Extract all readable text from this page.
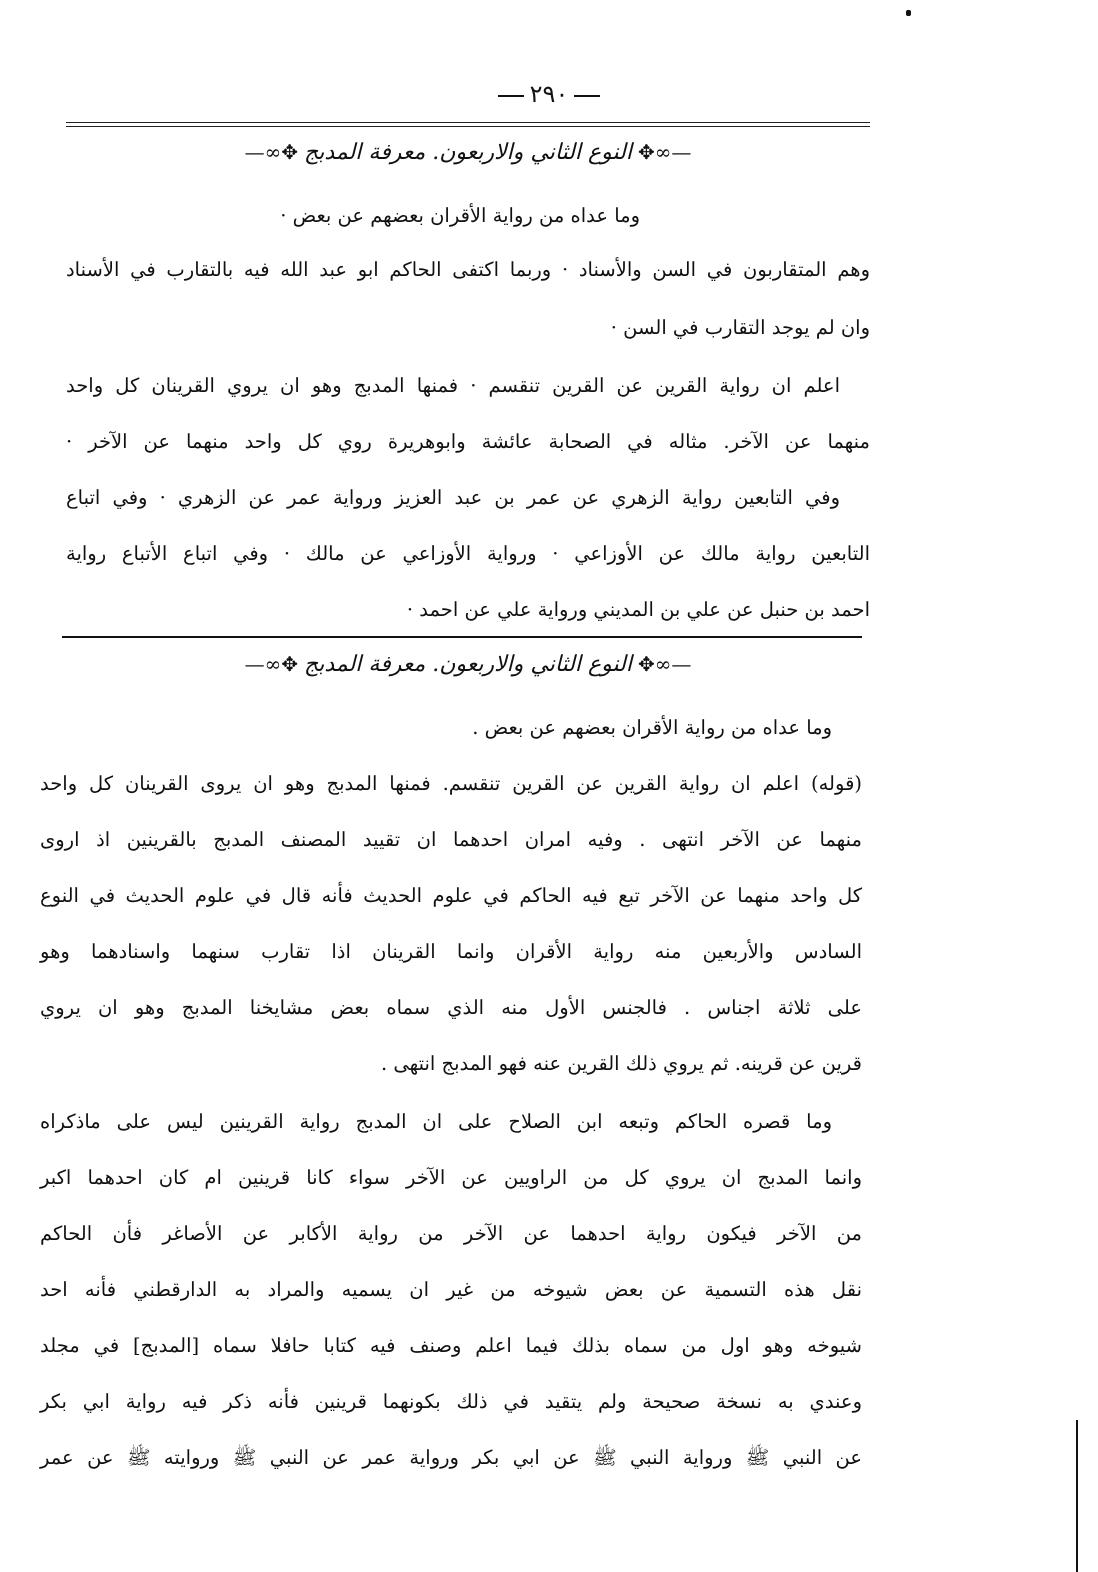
٢٩٠
—∞✥النوع الثاني والاربعون. معرفة المدبج✥∞—
وما عداه من رواية الأقران بعضهم عن بعض ·
وهم المتقاربون في السن والأسناد · وربما اكتفى الحاكم ابو عبد الله فيه بالتقارب في الأسناد
وان لم يوجد التقارب في السن ·
اعلم ان رواية القرين عن القرين تنقسم · فمنها المدبج وهو ان يروي القرينان كل واحد
منهما عن الآخر. مثاله في الصحابة عائشة وابوهريرة روي كل واحد منهما عن الآخر ·
وفي التابعين رواية الزهري عن عمر بن عبد العزيز ورواية عمر عن الزهري · وفي اتباع
التابعين رواية مالك عن الأوزاعي · ورواية الأوزاعي عن مالك · وفي اتباع الأتباع رواية
احمد بن حنبل عن علي بن المديني ورواية علي عن احمد ·
—∞✥النوع الثاني والاربعون. معرفة المدبج✥∞—
وما عداه من رواية الأقران بعضهم عن بعض .
(قوله) اعلم ان رواية القرين عن القرين تنقسم. فمنها المدبج وهو ان يروى القرينان كل واحد
منهما عن الآخر انتهى . وفيه امران احدهما ان تقييد المصنف المدبج بالقرينين اذ اروى
كل واحد منهما عن الآخر تبع فيه الحاكم في علوم الحديث فأنه قال في علوم الحديث في النوع
السادس والأربعين منه رواية الأقران وانما القرينان اذا تقارب سنهما واسنادهما وهو
على ثلاثة اجناس . فالجنس الأول منه الذي سماه بعض مشايخنا المدبج وهو ان يروي
قرين عن قرينه. ثم يروي ذلك القرين عنه فهو المدبج انتهى .
وما قصره الحاكم وتبعه ابن الصلاح على ان المدبج رواية القرينين ليس على ماذكراه
وانما المدبج ان يروي كل من الراويين عن الآخر سواء كانا قرينين ام كان احدهما اكبر
من الآخر فيكون رواية احدهما عن الآخر من رواية الأكابر عن الأصاغر فأن الحاكم
نقل هذه التسمية عن بعض شيوخه من غير ان يسميه والمراد به الدارقطني فأنه احد
شيوخه وهو اول من سماه بذلك فيما اعلم وصنف فيه كتابا حافلا سماه [المدبج] في مجلد
وعندي به نسخة صحيحة ولم يتقيد في ذلك بكونهما قرينين فأنه ذكر فيه رواية ابي بكر
عن النبي ﷺ ورواية النبي ﷺ عن ابي بكر ورواية عمر عن النبي ﷺ وروايته ﷺ عن عمر
